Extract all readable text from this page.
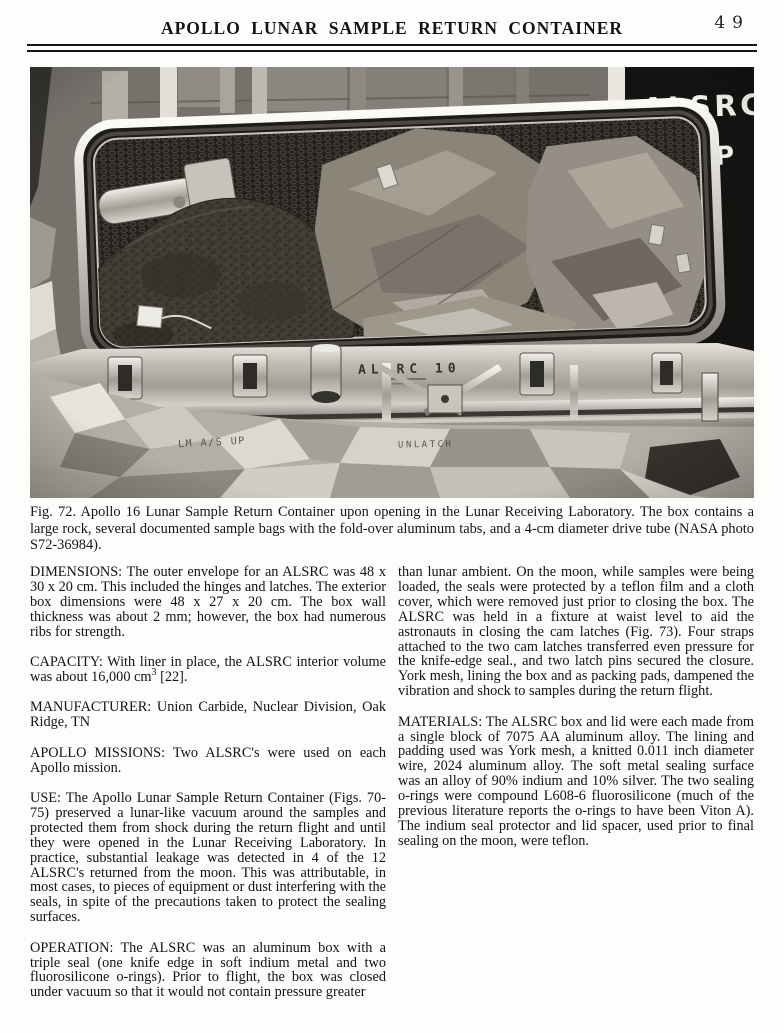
APOLLO LUNAR SAMPLE RETURN CONTAINER	49
Fig. 72. Apollo 16 Lunar Sample Return Container upon opening in the Lunar Receiving Laboratory. The box contains a large rock, several documented sample bags with the fold-over aluminum tabs, and a 4-cm diameter drive tube (NASA photo S72-36984).

DIMENSIONS: The outer envelope for an ALSRC was 48 x 30 x 20 cm. This included the hinges and latches. The exterior box dimensions were 48 x 27 x 20 cm. The box wall thickness was about 2 mm; however, the box had numerous ribs for strength.

CAPACITY: With liner in place, the ALSRC interior volume was about 16,000 $cm^3$ [22].

MANUFACTURER: Union Carbide, Nuclear Division, Oak Ridge, TN

APOLLO MISSIONS: Two ALSRC's were used on each Apollo mission.

USE: The Apollo Lunar Sample Return Container (Figs. 70-75) preserved a lunar-like vacuum around the samples and protected them from shock during the return flight and until they were opened in the Lunar Receiving Laboratory. In practice, substantial leakage was detected in 4 of the 12 ALSRC's returned from the moon. This was attributable, in most cases, to pieces of equipment or dust interfering with the seals, in spite of the precautions taken to protect the sealing surfaces.

OPERATION: The ALSRC was an aluminum box with a triple seal (one knife edge in soft indium metal and two fluorosilicone o-rings). Prior to flight, the box was closed under vacuum so that it would not contain pressure greater

than lunar ambient. On the moon, while samples were being loaded, the seals were protected by a teflon film and a cloth cover, which were removed just prior to closing the box. The ALSRC was held in a fixture at waist level to aid the astronauts in closing the cam latches (Fig. 73). Four straps attached to the two cam latches transferred even pressure for the knife-edge seal., and two latch pins secured the closure. York mesh, lining the box and as packing pads, dampened the vibration and shock to samples during the return flight.

MATERIALS: The ALSRC box and lid were each made from a single block of 7075 AA aluminum alloy. The lining and padding used was York mesh, a knitted 0.011 inch diameter wire, 2024 aluminum alloy. The soft metal sealing surface was an alloy of 90% indium and 10% silver. The two sealing o-rings were compound L608-6 fluorosilicone (much of the previous literature reports the o-rings to have been Viton A). The indium seal protector and lid spacer, used prior to final sealing on the moon, were teflon.
